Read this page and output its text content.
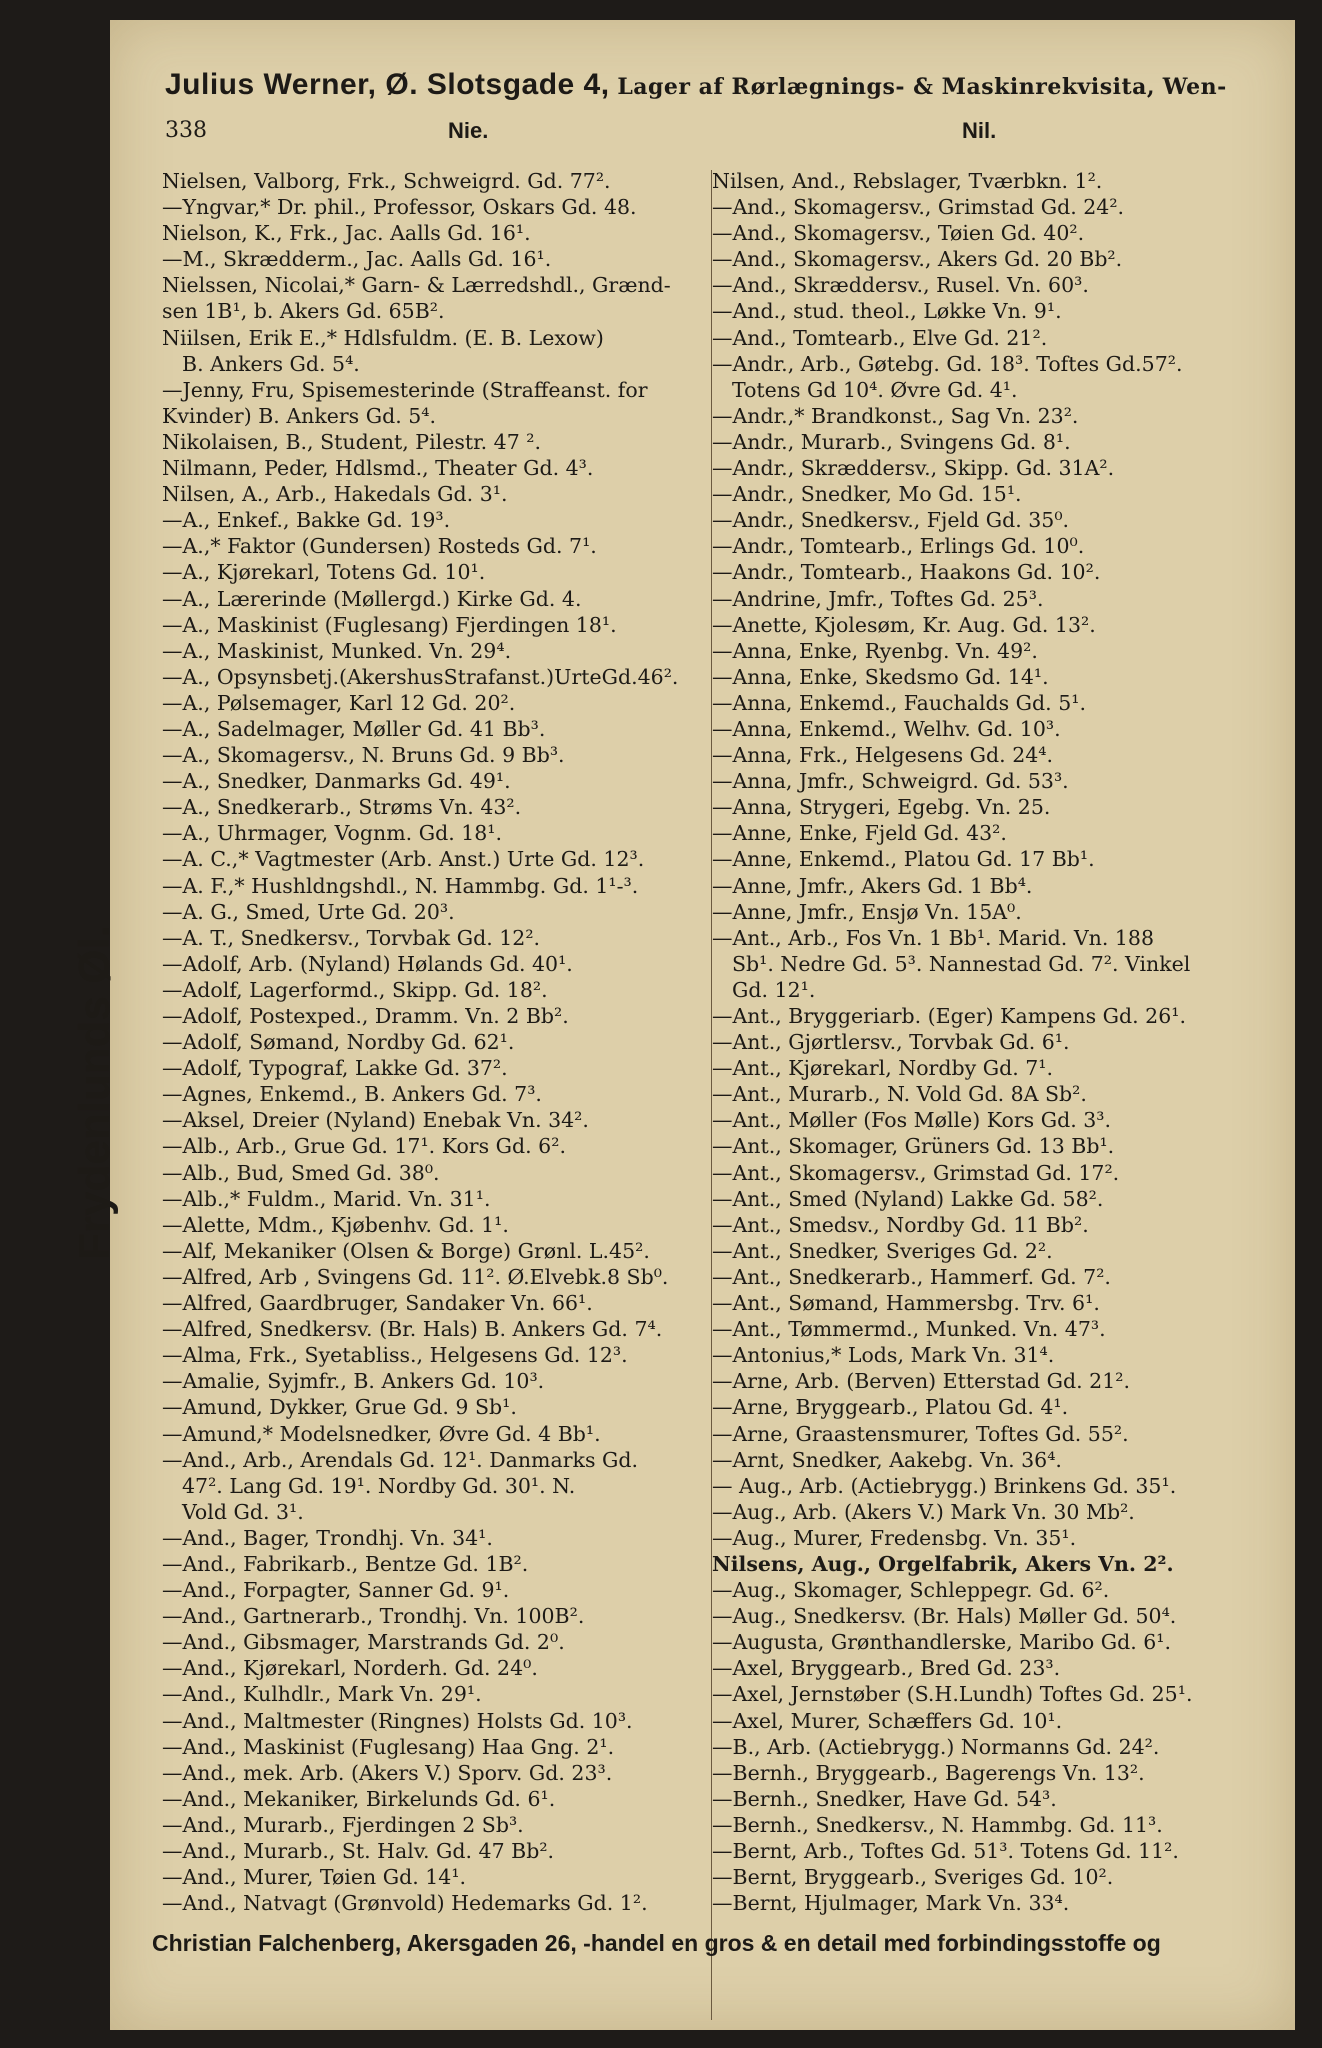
Julius Werner, Ø. Slotsgade 4, Lager af Rørlægnings- & Maskinrekvisita, Wen-
338	Nie.	Nil.
Frydenlunds Øl.
Nielsen, Valborg, Frk., Schweigrd. Gd. 77².
—Yngvar,* Dr. phil., Professor, Oskars Gd. 48.
Nielson, K., Frk., Jac. Aalls Gd. 16¹.
—M., Skrædderm., Jac. Aalls Gd. 16¹.
Nielssen, Nicolai,* Garn- & Lærredshdl., Grænd-
sen 1B¹, b. Akers Gd. 65B².
Niilsen, Erik E.,* Hdlsfuldm. (E. B. Lexow)
B. Ankers Gd. 5⁴.
—Jenny, Fru, Spisemesterinde (Straffeanst. for
Kvinder) B. Ankers Gd. 5⁴.
Nikolaisen, B., Student, Pilestr. 47 ².
Nilmann, Peder, Hdlsmd., Theater Gd. 4³.
Nilsen, A., Arb., Hakedals Gd. 3¹.
—A., Enkef., Bakke Gd. 19³.
—A.,* Faktor (Gundersen) Rosteds Gd. 7¹.
—A., Kjørekarl, Totens Gd. 10¹.
—A., Lærerinde (Møllergd.) Kirke Gd. 4.
—A., Maskinist (Fuglesang) Fjerdingen 18¹.
—A., Maskinist, Munked. Vn. 29⁴.
—A., Opsynsbetj.(AkershusStrafanst.)UrteGd.46².
—A., Pølsemager, Karl 12 Gd. 20².
—A., Sadelmager, Møller Gd. 41 Bb³.
—A., Skomagersv., N. Bruns Gd. 9 Bb³.
—A., Snedker, Danmarks Gd. 49¹.
—A., Snedkerarb., Strøms Vn. 43².
—A., Uhrmager, Vognm. Gd. 18¹.
—A. C.,* Vagtmester (Arb. Anst.) Urte Gd. 12³.
—A. F.,* Hushldngshdl., N. Hammbg. Gd. 1¹-³.
—A. G., Smed, Urte Gd. 20³.
—A. T., Snedkersv., Torvbak Gd. 12².
—Adolf, Arb. (Nyland) Hølands Gd. 40¹.
—Adolf, Lagerformd., Skipp. Gd. 18².
—Adolf, Postexped., Dramm. Vn. 2 Bb².
—Adolf, Sømand, Nordby Gd. 62¹.
—Adolf, Typograf, Lakke Gd. 37².
—Agnes, Enkemd., B. Ankers Gd. 7³.
—Aksel, Dreier (Nyland) Enebak Vn. 34².
—Alb., Arb., Grue Gd. 17¹. Kors Gd. 6².
—Alb., Bud, Smed Gd. 38⁰.
—Alb.,* Fuldm., Marid. Vn. 31¹.
—Alette, Mdm., Kjøbenhv. Gd. 1¹.
—Alf, Mekaniker (Olsen & Borge) Grønl. L.45².
—Alfred, Arb , Svingens Gd. 11². Ø.Elvebk.8 Sb⁰.
—Alfred, Gaardbruger, Sandaker Vn. 66¹.
—Alfred, Snedkersv. (Br. Hals) B. Ankers Gd. 7⁴.
—Alma, Frk., Syetabliss., Helgesens Gd. 12³.
—Amalie, Syjmfr., B. Ankers Gd. 10³.
—Amund, Dykker, Grue Gd. 9 Sb¹.
—Amund,* Modelsnedker, Øvre Gd. 4 Bb¹.
—And., Arb., Arendals Gd. 12¹. Danmarks Gd.
47². Lang Gd. 19¹. Nordby Gd. 30¹. N.
Vold Gd. 3¹.
—And., Bager, Trondhj. Vn. 34¹.
—And., Fabrikarb., Bentze Gd. 1B².
—And., Forpagter, Sanner Gd. 9¹.
—And., Gartnerarb., Trondhj. Vn. 100B².
—And., Gibsmager, Marstrands Gd. 2⁰.
—And., Kjørekarl, Norderh. Gd. 24⁰.
—And., Kulhdlr., Mark Vn. 29¹.
—And., Maltmester (Ringnes) Holsts Gd. 10³.
—And., Maskinist (Fuglesang) Haa Gng. 2¹.
—And., mek. Arb. (Akers V.) Sporv. Gd. 23³.
—And., Mekaniker, Birkelunds Gd. 6¹.
—And., Murarb., Fjerdingen 2 Sb³.
—And., Murarb., St. Halv. Gd. 47 Bb².
—And., Murer, Tøien Gd. 14¹.
—And., Natvagt (Grønvold) Hedemarks Gd. 1².
Nilsen, And., Rebslager, Tværbkn. 1².
—And., Skomagersv., Grimstad Gd. 24².
—And., Skomagersv., Tøien Gd. 40².
—And., Skomagersv., Akers Gd. 20 Bb².
—And., Skræddersv., Rusel. Vn. 60³.
—And., stud. theol., Løkke Vn. 9¹.
—And., Tomtearb., Elve Gd. 21².
—Andr., Arb., Gøtebg. Gd. 18³. Toftes Gd.57².
Totens Gd 10⁴. Øvre Gd. 4¹.
—Andr.,* Brandkonst., Sag Vn. 23².
—Andr., Murarb., Svingens Gd. 8¹.
—Andr., Skræddersv., Skipp. Gd. 31A².
—Andr., Snedker, Mo Gd. 15¹.
—Andr., Snedkersv., Fjeld Gd. 35⁰.
—Andr., Tomtearb., Erlings Gd. 10⁰.
—Andr., Tomtearb., Haakons Gd. 10².
—Andrine, Jmfr., Toftes Gd. 25³.
—Anette, Kjolesøm, Kr. Aug. Gd. 13².
—Anna, Enke, Ryenbg. Vn. 49².
—Anna, Enke, Skedsmo Gd. 14¹.
—Anna, Enkemd., Fauchalds Gd. 5¹.
—Anna, Enkemd., Welhv. Gd. 10³.
—Anna, Frk., Helgesens Gd. 24⁴.
—Anna, Jmfr., Schweigrd. Gd. 53³.
—Anna, Strygeri, Egebg. Vn. 25.
—Anne, Enke, Fjeld Gd. 43².
—Anne, Enkemd., Platou Gd. 17 Bb¹.
—Anne, Jmfr., Akers Gd. 1 Bb⁴.
—Anne, Jmfr., Ensjø Vn. 15A⁰.
—Ant., Arb., Fos Vn. 1 Bb¹. Marid. Vn. 188
Sb¹. Nedre Gd. 5³. Nannestad Gd. 7². Vinkel
Gd. 12¹.
—Ant., Bryggeriarb. (Eger) Kampens Gd. 26¹.
—Ant., Gjørtlersv., Torvbak Gd. 6¹.
—Ant., Kjørekarl, Nordby Gd. 7¹.
—Ant., Murarb., N. Vold Gd. 8A Sb².
—Ant., Møller (Fos Mølle) Kors Gd. 3³.
—Ant., Skomager, Grüners Gd. 13 Bb¹.
—Ant., Skomagersv., Grimstad Gd. 17².
—Ant., Smed (Nyland) Lakke Gd. 58².
—Ant., Smedsv., Nordby Gd. 11 Bb².
—Ant., Snedker, Sveriges Gd. 2².
—Ant., Snedkerarb., Hammerf. Gd. 7².
—Ant., Sømand, Hammersbg. Trv. 6¹.
—Ant., Tømmermd., Munked. Vn. 47³.
—Antonius,* Lods, Mark Vn. 31⁴.
—Arne, Arb. (Berven) Etterstad Gd. 21².
—Arne, Bryggearb., Platou Gd. 4¹.
—Arne, Graastensmurer, Toftes Gd. 55².
—Arnt, Snedker, Aakebg. Vn. 36⁴.
— Aug., Arb. (Actiebrygg.) Brinkens Gd. 35¹.
—Aug., Arb. (Akers V.) Mark Vn. 30 Mb².
—Aug., Murer, Fredensbg. Vn. 35¹.
Nilsens, Aug., Orgelfabrik, Akers Vn. 2².
—Aug., Skomager, Schleppegr. Gd. 6².
—Aug., Snedkersv. (Br. Hals) Møller Gd. 50⁴.
—Augusta, Grønthandlerske, Maribo Gd. 6¹.
—Axel, Bryggearb., Bred Gd. 23³.
—Axel, Jernstøber (S.H.Lundh) Toftes Gd. 25¹.
—Axel, Murer, Schæffers Gd. 10¹.
—B., Arb. (Actiebrygg.) Normanns Gd. 24².
—Bernh., Bryggearb., Bagerengs Vn. 13².
—Bernh., Snedker, Have Gd. 54³.
—Bernh., Snedkersv., N. Hammbg. Gd. 11³.
—Bernt, Arb., Toftes Gd. 51³. Totens Gd. 11².
—Bernt, Bryggearb., Sveriges Gd. 10².
—Bernt, Hjulmager, Mark Vn. 33⁴.
Christian Falchenberg, Akersgaden 26, -handel en gros & en detail med forbindingsstoffe og
